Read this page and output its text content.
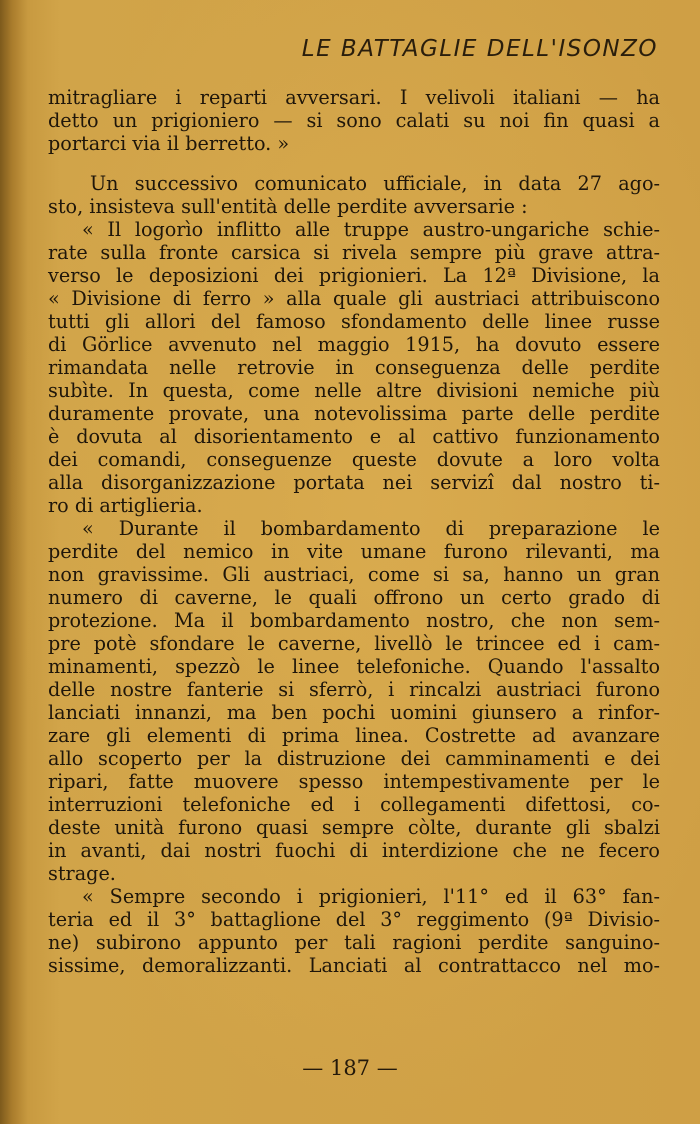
LE BATTAGLIE DELL'ISONZO
mitragliare i reparti avversari. I velivoli italiani — ha
detto un prigioniero — si sono calati su noi fin quasi a
portarci via il berretto. »
Un successivo comunicato ufficiale, in data 27 ago-
sto, insisteva sull'entità delle perdite avversarie :
« Il logorìo inflitto alle truppe austro-ungariche schie-
rate sulla fronte carsica si rivela sempre più grave attra-
verso le deposizioni dei prigionieri. La 12ª Divisione, la
« Divisione di ferro » alla quale gli austriaci attribuiscono
tutti gli allori del famoso sfondamento delle linee russe
di Görlice avvenuto nel maggio 1915, ha dovuto essere
rimandata nelle retrovie in conseguenza delle perdite
subìte. In questa, come nelle altre divisioni nemiche più
duramente provate, una notevolissima parte delle perdite
è dovuta al disorientamento e al cattivo funzionamento
dei comandi, conseguenze queste dovute a loro volta
alla disorganizzazione portata nei servizî dal nostro ti-
ro di artiglieria.
« Durante il bombardamento di preparazione le
perdite del nemico in vite umane furono rilevanti, ma
non gravissime. Gli austriaci, come si sa, hanno un gran
numero di caverne, le quali offrono un certo grado di
protezione. Ma il bombardamento nostro, che non sem-
pre potè sfondare le caverne, livellò le trincee ed i cam-
minamenti, spezzò le linee telefoniche. Quando l'assalto
delle nostre fanterie si sferrò, i rincalzi austriaci furono
lanciati innanzi, ma ben pochi uomini giunsero a rinfor-
zare gli elementi di prima linea. Costrette ad avanzare
allo scoperto per la distruzione dei camminamenti e dei
ripari, fatte muovere spesso intempestivamente per le
interruzioni telefoniche ed i collegamenti difettosi, co-
deste unità furono quasi sempre còlte, durante gli sbalzi
in avanti, dai nostri fuochi di interdizione che ne fecero
strage.
« Sempre secondo i prigionieri, l'11° ed il 63° fan-
teria ed il 3° battaglione del 3° reggimento (9ª Divisio-
ne) subirono appunto per tali ragioni perdite sanguino-
sissime, demoralizzanti. Lanciati al contrattacco nel mo-
— 187 —
